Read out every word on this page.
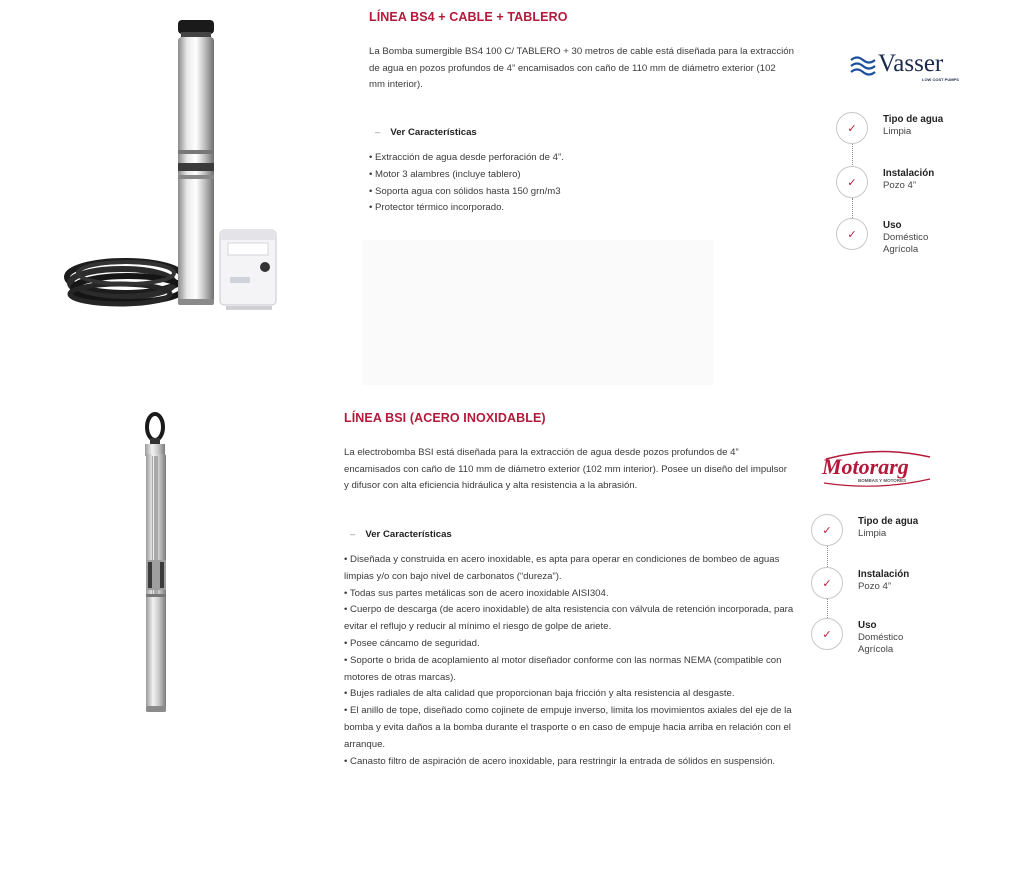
LÍNEA BS4 + CABLE + TABLERO
La Bomba sumergible BS4 100 C/ TABLERO + 30 metros de cable está diseñada para la extracción de agua en pozos profundos de 4” encamisados con caño de 110 mm de diámetro exterior (102 mm interior).
– Ver Características
• Extracción de agua desde perforación de 4”.
• Motor 3 alambres (incluye tablero)
• Soporta agua con sólidos hasta 150 grn/m3
• Protector térmico incorporado.
Vasser
LOW COST PUMPS
✓
Tipo de agua
Limpia
✓
Instalación
Pozo 4”
✓
Uso
Doméstico
Agrícola
LÍNEA BSI (ACERO INOXIDABLE)
La electrobomba BSI está diseñada para la extracción de agua desde pozos profundos de 4” encamisados con caño de 110 mm de diámetro exterior (102 mm interior). Posee un diseño del impulsor y difusor con alta eficiencia hidráulica y alta resistencia a la abrasión.
– Ver Características
• Diseñada y construida en acero inoxidable, es apta para operar en condiciones de bombeo de aguas limpias y/o con bajo nivel de carbonatos (“dureza”).
• Todas sus partes metálicas son de acero inoxidable AISI304.
• Cuerpo de descarga (de acero inoxidable) de alta resistencia con válvula de retención incorporada, para evitar el reflujo y reducir al mínimo el riesgo de golpe de ariete.
• Posee cáncamo de seguridad.
• Soporte o brida de acoplamiento al motor diseñador conforme con las normas NEMA (compatible con motores de otras marcas).
• Bujes radiales de alta calidad que proporcionan baja fricción y alta resistencia al desgaste.
• El anillo de tope, diseñado como cojinete de empuje inverso, limita los movimientos axiales del eje de la bomba y evita daños a la bomba durante el trasporte o en caso de empuje hacia arriba en relación con el arranque.
• Canasto filtro de aspiración de acero inoxidable, para restringir la entrada de sólidos en suspensión.
Motorarg
BOMBAS Y MOTORES
✓
Tipo de agua
Limpia
✓
Instalación
Pozo 4”
✓
Uso
Doméstico
Agrícola
